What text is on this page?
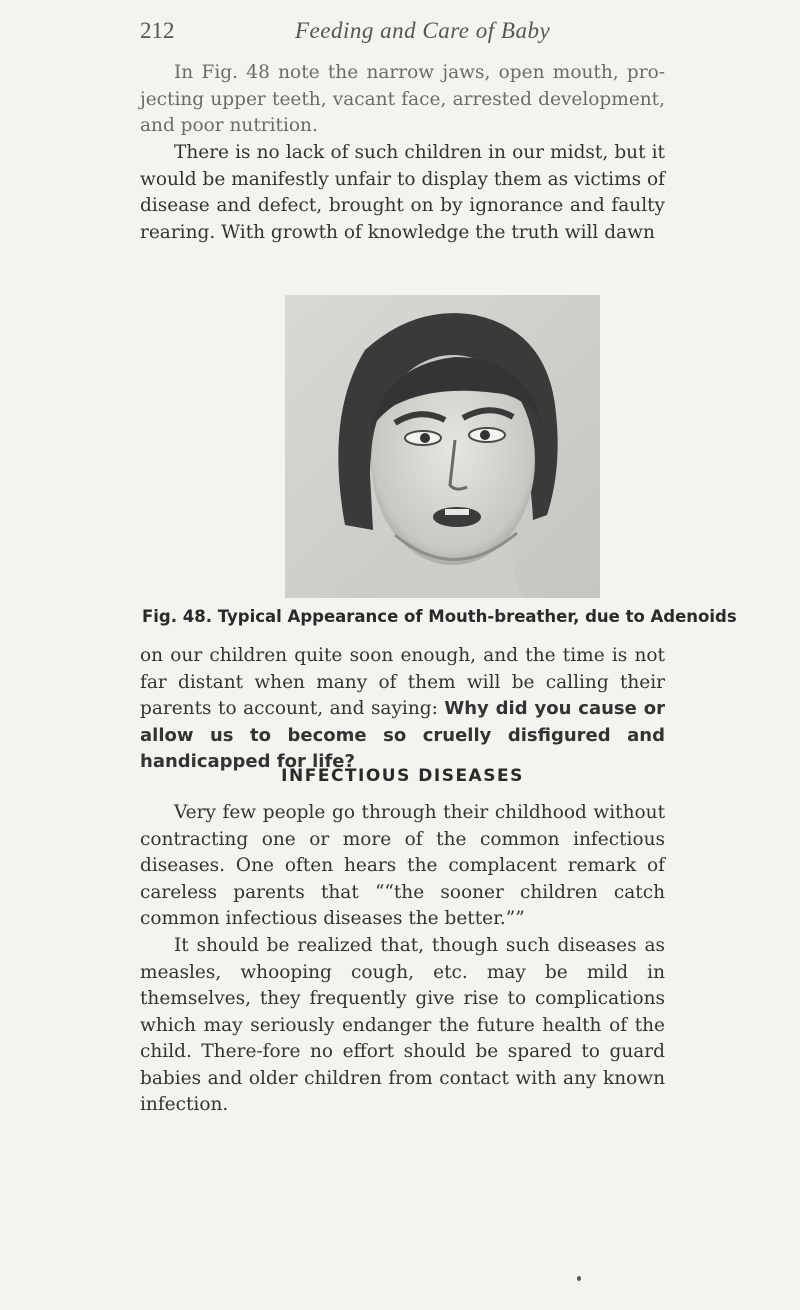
212	Feeding and Care of Baby

In Fig. 48 note the narrow jaws, open mouth, pro-jecting upper teeth, vacant face, arrested development, and poor nutrition.

There is no lack of such children in our midst, but it would be manifestly unfair to display them as victims of disease and defect, brought on by ignorance and faulty rearing. With growth of knowledge the truth will dawn

Fig. 48. Typical Appearance of Mouth-breather, due to Adenoids

on our children quite soon enough, and the time is not far distant when many of them will be calling their parents to account, and saying: Why did you cause or allow us to become so cruelly disfigured and handicapped for life?

INFECTIOUS DISEASES

Very few people go through their childhood without contracting one or more of the common infectious diseases. One often hears the complacent remark of careless parents that ““the sooner children catch common infectious diseases the better.””

It should be realized that, though such diseases as measles, whooping cough, etc. may be mild in themselves, they frequently give rise to complications which may seriously endanger the future health of the child. There-fore no effort should be spared to guard babies and older children from contact with any known infection.
